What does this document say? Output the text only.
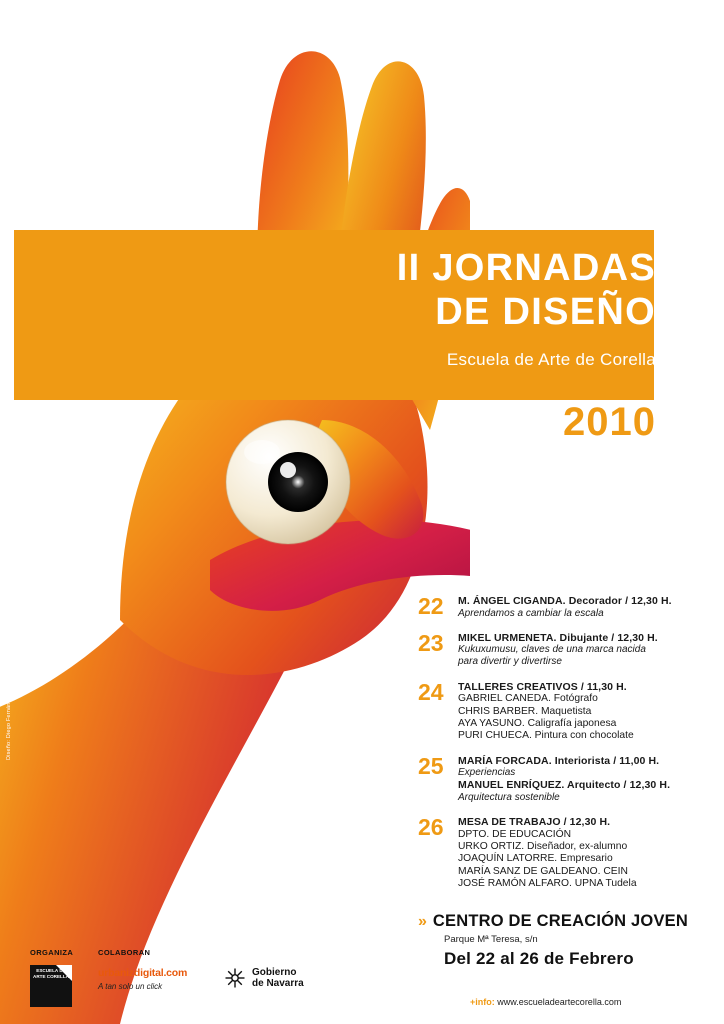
Diseño: Diego Fernández BK / Gráfica Publicitaria
II JORNADAS
DE DISEÑO
Escuela de Arte de Corella
2010
22	M. ÁNGEL CIGANDA. Decorador / 12,30 H.
Aprendamos a cambiar la escala
23	MIKEL URMENETA. Dibujante / 12,30 H.
Kukuxumusu, claves de una marca nacida
para divertir y divertirse
24	TALLERES CREATIVOS / 11,30 H.
GABRIEL CANEDA. Fotógrafo
CHRIS BARBER. Maquetista
AYA YASUNO. Caligrafía japonesa
PURI CHUECA. Pintura con chocolate
25	MARÍA FORCADA. Interiorista / 11,00 H.
Experiencias
MANUEL ENRÍQUEZ. Arquitecto / 12,30 H.
Arquitectura sostenible
26	MESA DE TRABAJO / 12,30 H.
DPTO. DE EDUCACIÓN
URKO ORTIZ. Diseñador, ex-alumno
JOAQUÍN LATORRE. Empresario
MARÍA SANZ DE GALDEANO. CEIN
JOSÉ RAMÓN ALFARO. UPNA Tudela
» CENTRO DE CREACIÓN JOVEN
Parque Mª Teresa, s/n
Del 22 al 26 de Febrero
+info: www.escueladeartecorella.com
ORGANIZA
ESCUELA DE ARTE CORELLA
COLABORAN
urbanizdigital.com
A tan solo un click
Gobierno
de Navarra
